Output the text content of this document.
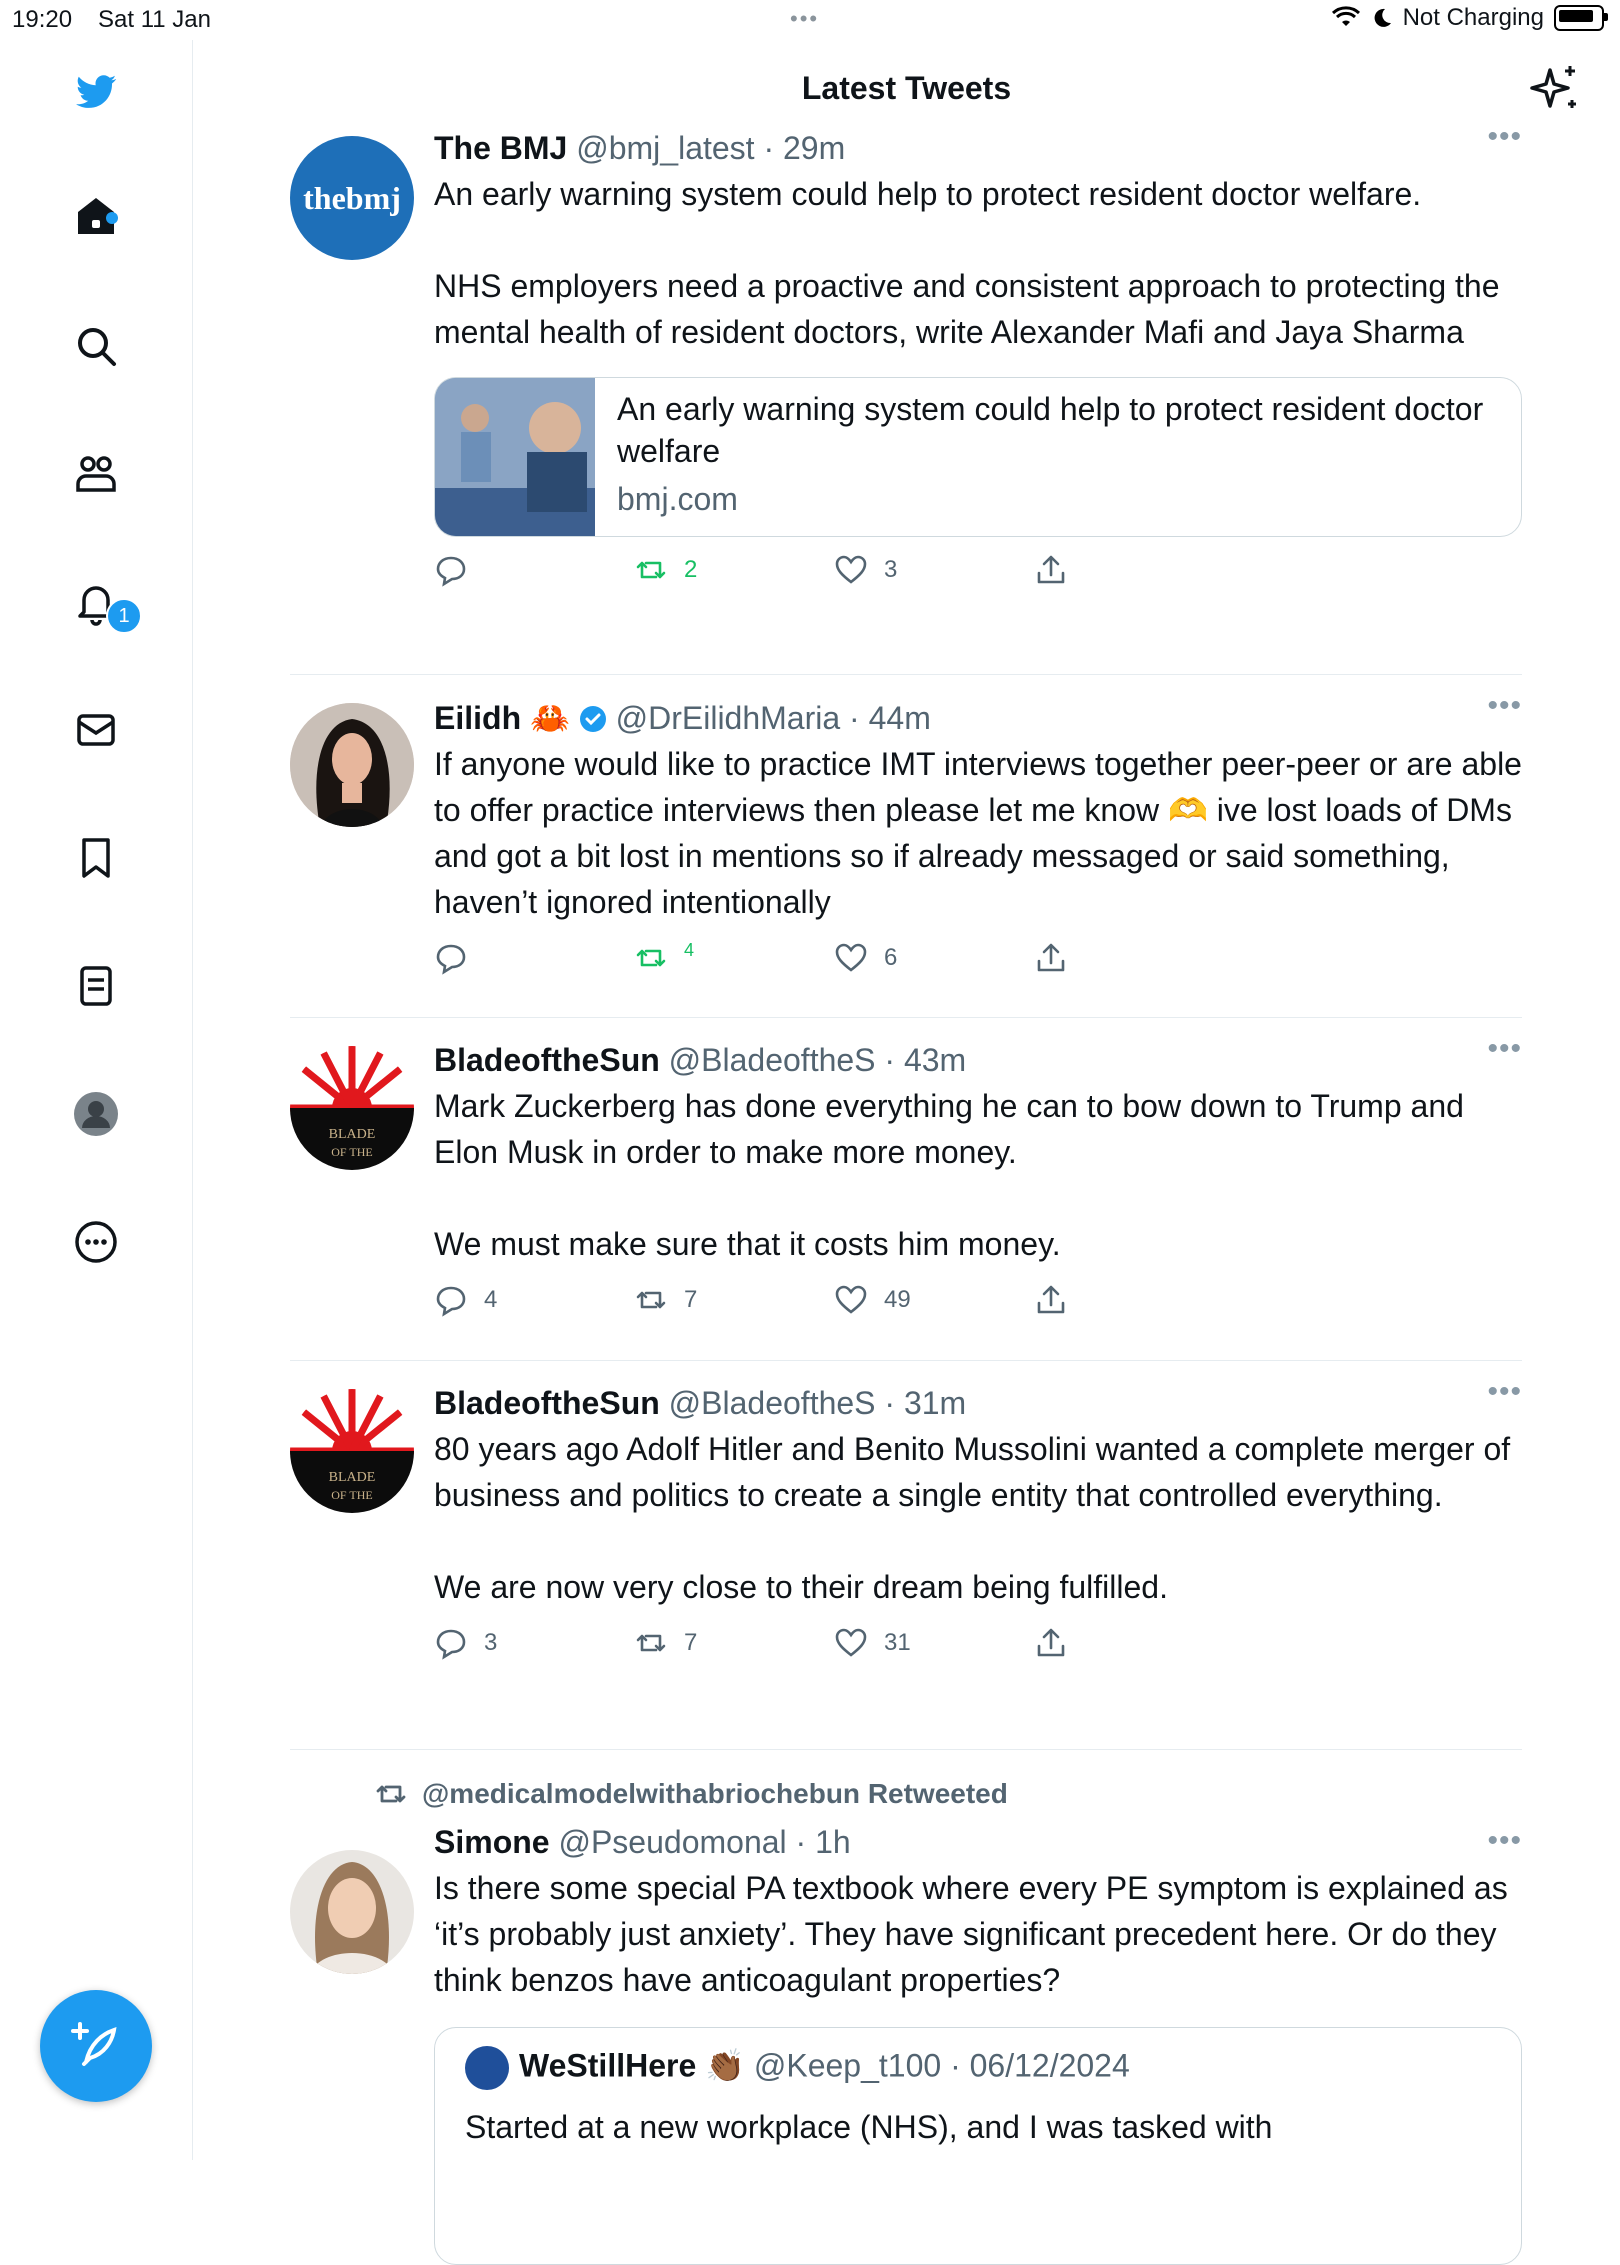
19:20 Sat 11 Jan	•••	Not Charging
1
Latest Tweets
thebmj
The BMJ @bmj_latest · 29m	•••

An early warning system could help to protect resident doctor welfare.

NHS employers need a proactive and consistent approach to protecting the mental health of resident doctors, write Alexander Mafi and Jaya Sharma

An early warning system could help to protect resident doctor welfare
bmj.com
2	3
Eilidh 🦀 @DrEilidhMaria · 44m	•••

If anyone would like to practice IMT interviews together peer-peer or are able to offer practice interviews then please let me know 🫶 ive lost loads of DMs and got a bit lost in mentions so if already messaged or said something, haven’t ignored intentionally

4	6
BLADE
OF THE
BladeoftheSun @BladeoftheS · 43m	•••

Mark Zuckerberg has done everything he can to bow down to Trump and Elon Musk in order to make more money.

We must make sure that it costs him money.

4	7	49
BLADE
OF THE
BladeoftheSun @BladeoftheS · 31m	•••

80 years ago Adolf Hitler and Benito Mussolini wanted a complete merger of business and politics to create a single entity that controlled everything.

We are now very close to their dream being fulfilled.

3	7	31
@medicalmodelwithabriochebun Retweeted
Simone @Pseudomonal · 1h	•••

Is there some special PA textbook where every PE symptom is explained as ‘it’s probably just anxiety’. They have significant precedent here. Or do they think benzos have anticoagulant properties?

WeStillHere 👏🏾 @Keep_t100 · 06/12/2024
Started at a new workplace (NHS), and I was tasked with
